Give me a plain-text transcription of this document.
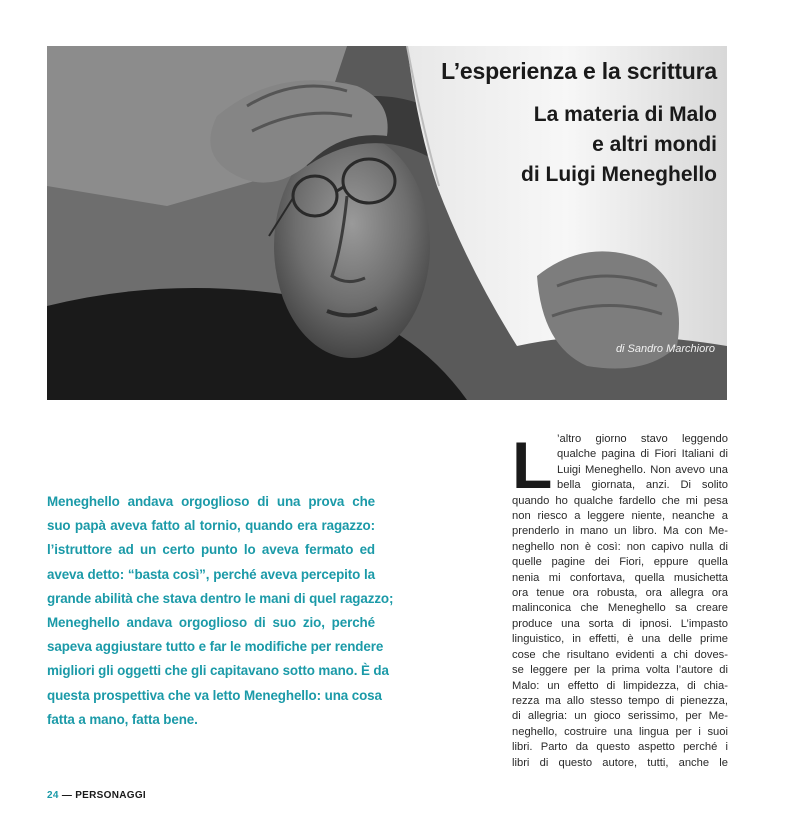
L’esperienza e la scrittura
La materia di Malo
e altri mondi
di Luigi Meneghello
di Sandro Marchioro
Meneghello andava orgoglioso di una prova che
suo papà aveva fatto al tornio, quando era ragazzo:
l’istruttore ad un certo punto lo aveva fermato ed
aveva detto: “basta così”, perché aveva percepito la
grande abilità che stava dentro le mani di quel ragazzo;
Meneghello andava orgoglioso di suo zio, perché
sapeva aggiustare tutto e far le modifiche per rendere
migliori gli oggetti che gli capitavano sotto mano. È da
questa prospettiva che va letto Meneghello: una cosa
fatta a mano, fatta bene.
L ’altro giorno stavo leggendo
qualche pagina di Fiori Italiani di
Luigi Meneghello. Non avevo una
bella giornata, anzi. Di solito
quando ho qualche fardello che mi pesa
non riesco a leggere niente, neanche a
prenderlo in mano un libro. Ma con Me-
neghello non è così: non capivo nulla di
quelle pagine dei Fiori, eppure quella
nenia mi confortava, quella musichetta
ora tenue ora robusta, ora allegra ora
malinconica che Meneghello sa creare
produce una sorta di ipnosi. L’impasto
linguistico, in effetti, è una delle prime
cose che risultano evidenti a chi doves-
se leggere per la prima volta l’autore di
Malo: un effetto di limpidezza, di chia-
rezza ma allo stesso tempo di pienezza,
di allegria: un gioco serissimo, per Me-
neghello, costruire una lingua per i suoi
libri. Parto da questo aspetto perché i
libri di questo autore, tutti, anche le
24 — PERSONAGGI
